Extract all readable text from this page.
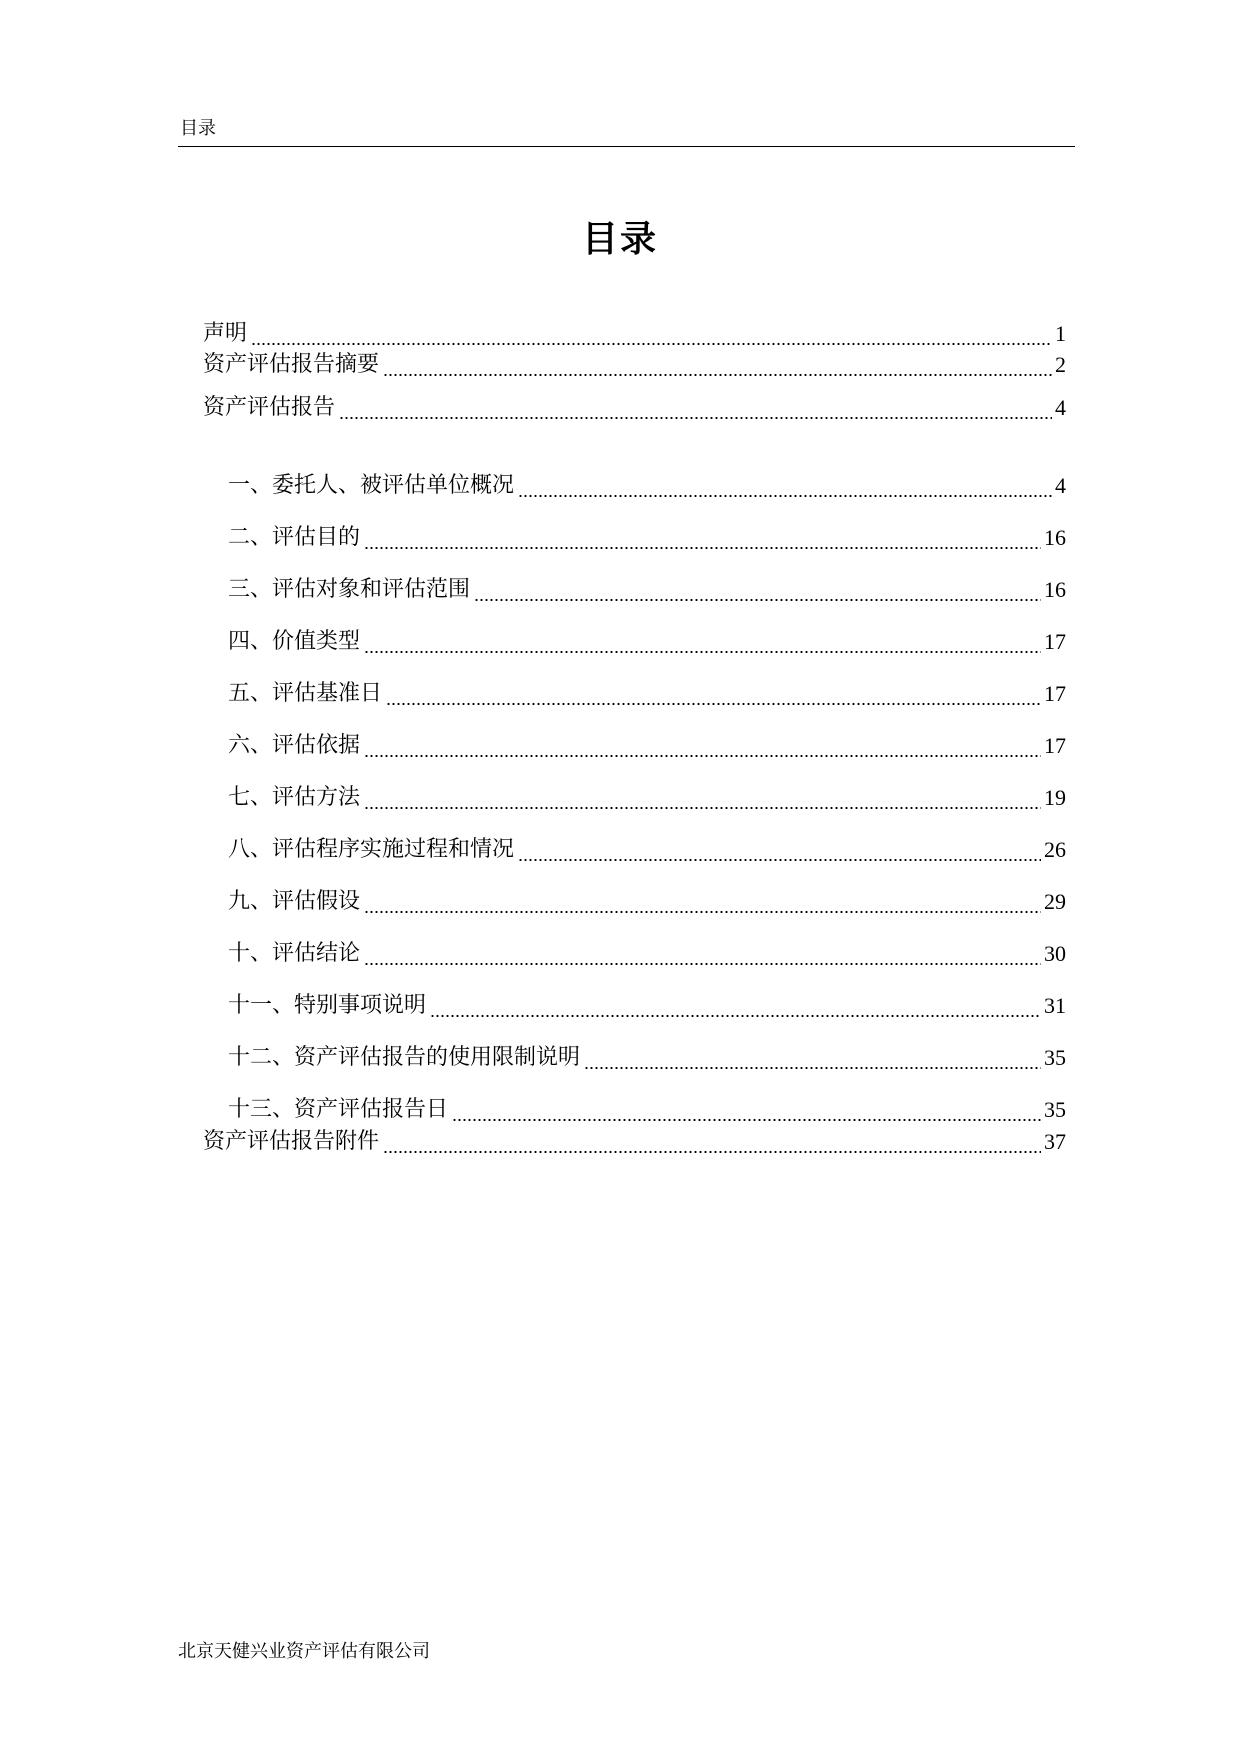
目录
目录
声明	1
资产评估报告摘要	2
资产评估报告	4
一、委托人、被评估单位概况	4
二、评估目的	16
三、评估对象和评估范围	16
四、价值类型	17
五、评估基准日	17
六、评估依据	17
七、评估方法	19
八、评估程序实施过程和情况	26
九、评估假设	29
十、评估结论	30
十一、特别事项说明	31
十二、资产评估报告的使用限制说明	35
十三、资产评估报告日	35
资产评估报告附件	37
北京天健兴业资产评估有限公司
